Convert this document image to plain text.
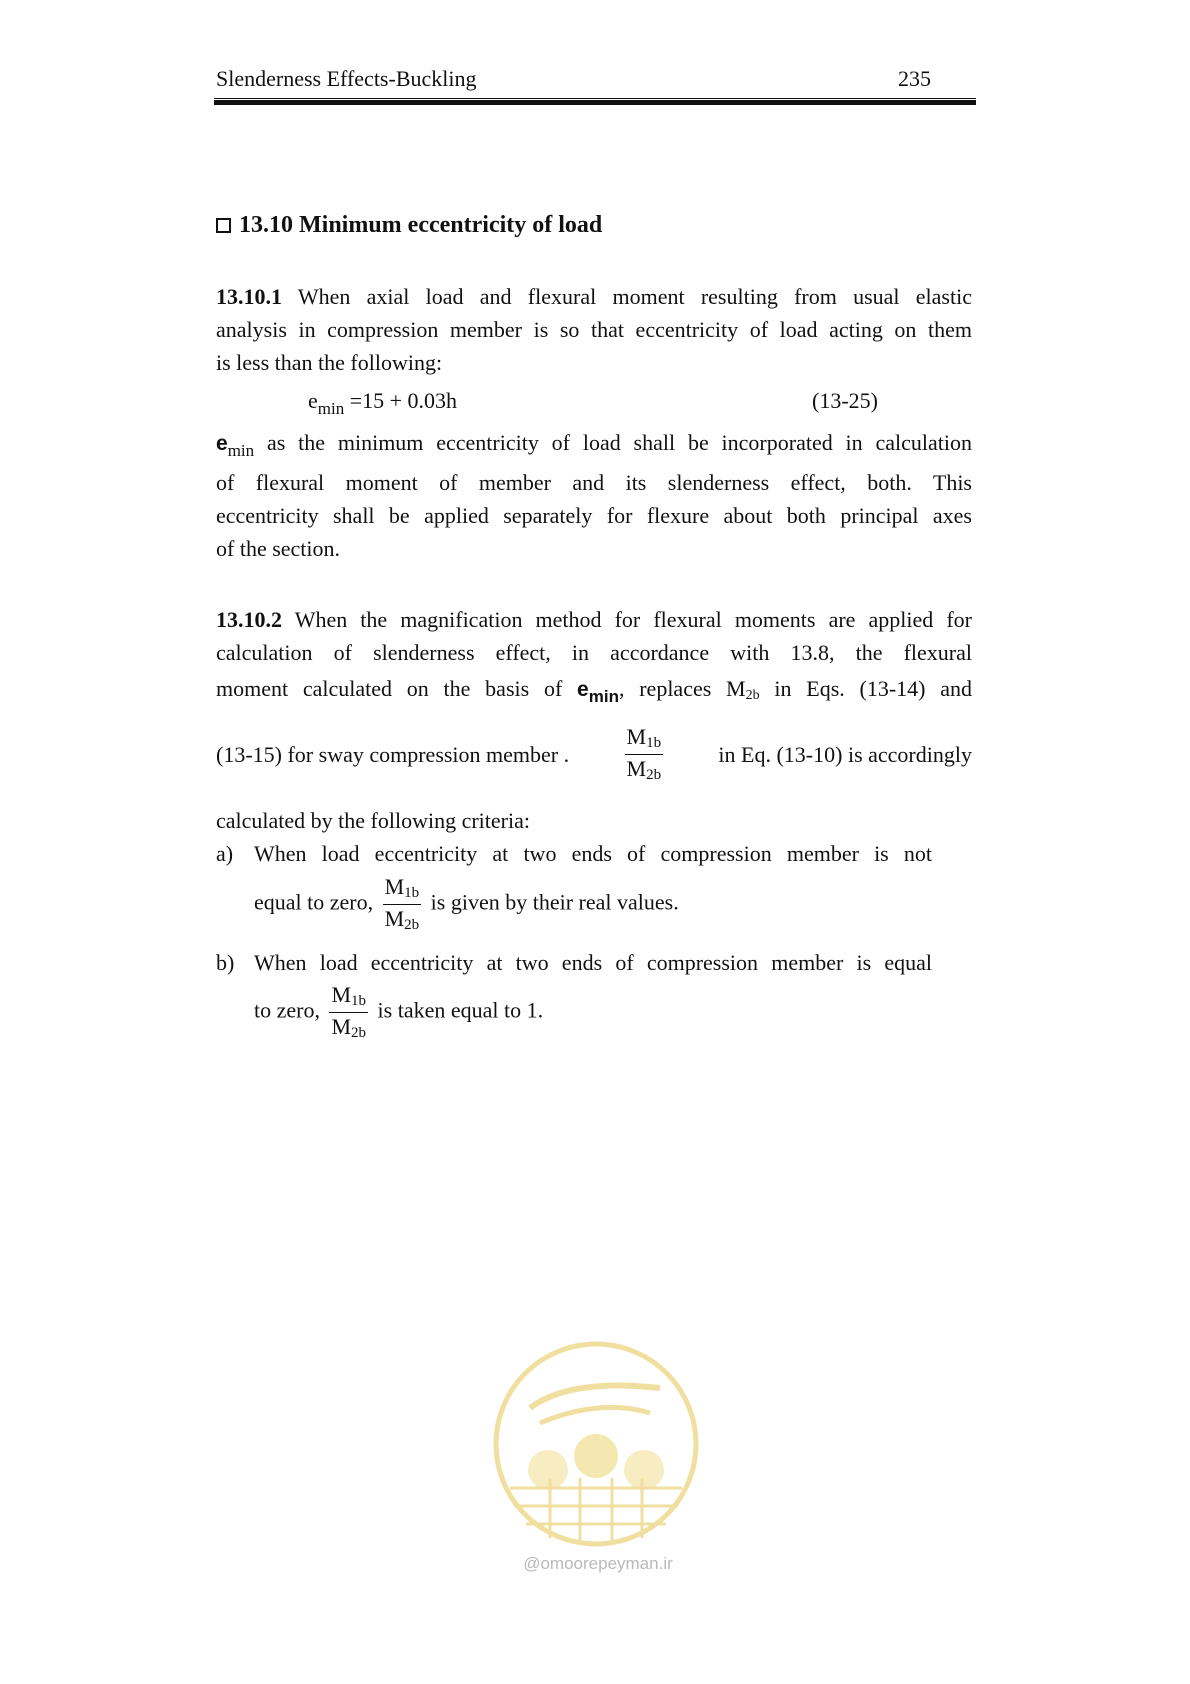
Slenderness Effects-Buckling	235
13.10 Minimum eccentricity of load
13.10.1 When axial load and flexural moment resulting from usual elastic
analysis in compression member is so that eccentricity of load acting on them
is less than the following:
$e_{min} =15 + 0.03h$	(13-25)
$e_{min}$ as the minimum eccentricity of load shall be incorporated in calculation
of flexural moment of member and its slenderness effect, both. This
eccentricity shall be applied separately for flexure about both principal axes
of the section.
13.10.2 When the magnification method for flexural moments are applied for
calculation of slenderness effect, in accordance with 13.8, the flexural
moment calculated on the basis of $e_{min}$, replaces $M_{2b}$ in Eqs. (13-14) and
(13-15) for sway compression member .	$\frac{M_{1b}}{M_{2b}}$	in Eq. (13-10) is accordingly
calculated by the following criteria:
a) When load eccentricity at two ends of compression member is not
equal to zero, $\frac{M_{1b}}{M_{2b}}$ is given by their real values.
b) When load eccentricity at two ends of compression member is equal
to zero, $\frac{M_{1b}}{M_{2b}}$ is taken equal to 1.
@omoorepeyman.ir
